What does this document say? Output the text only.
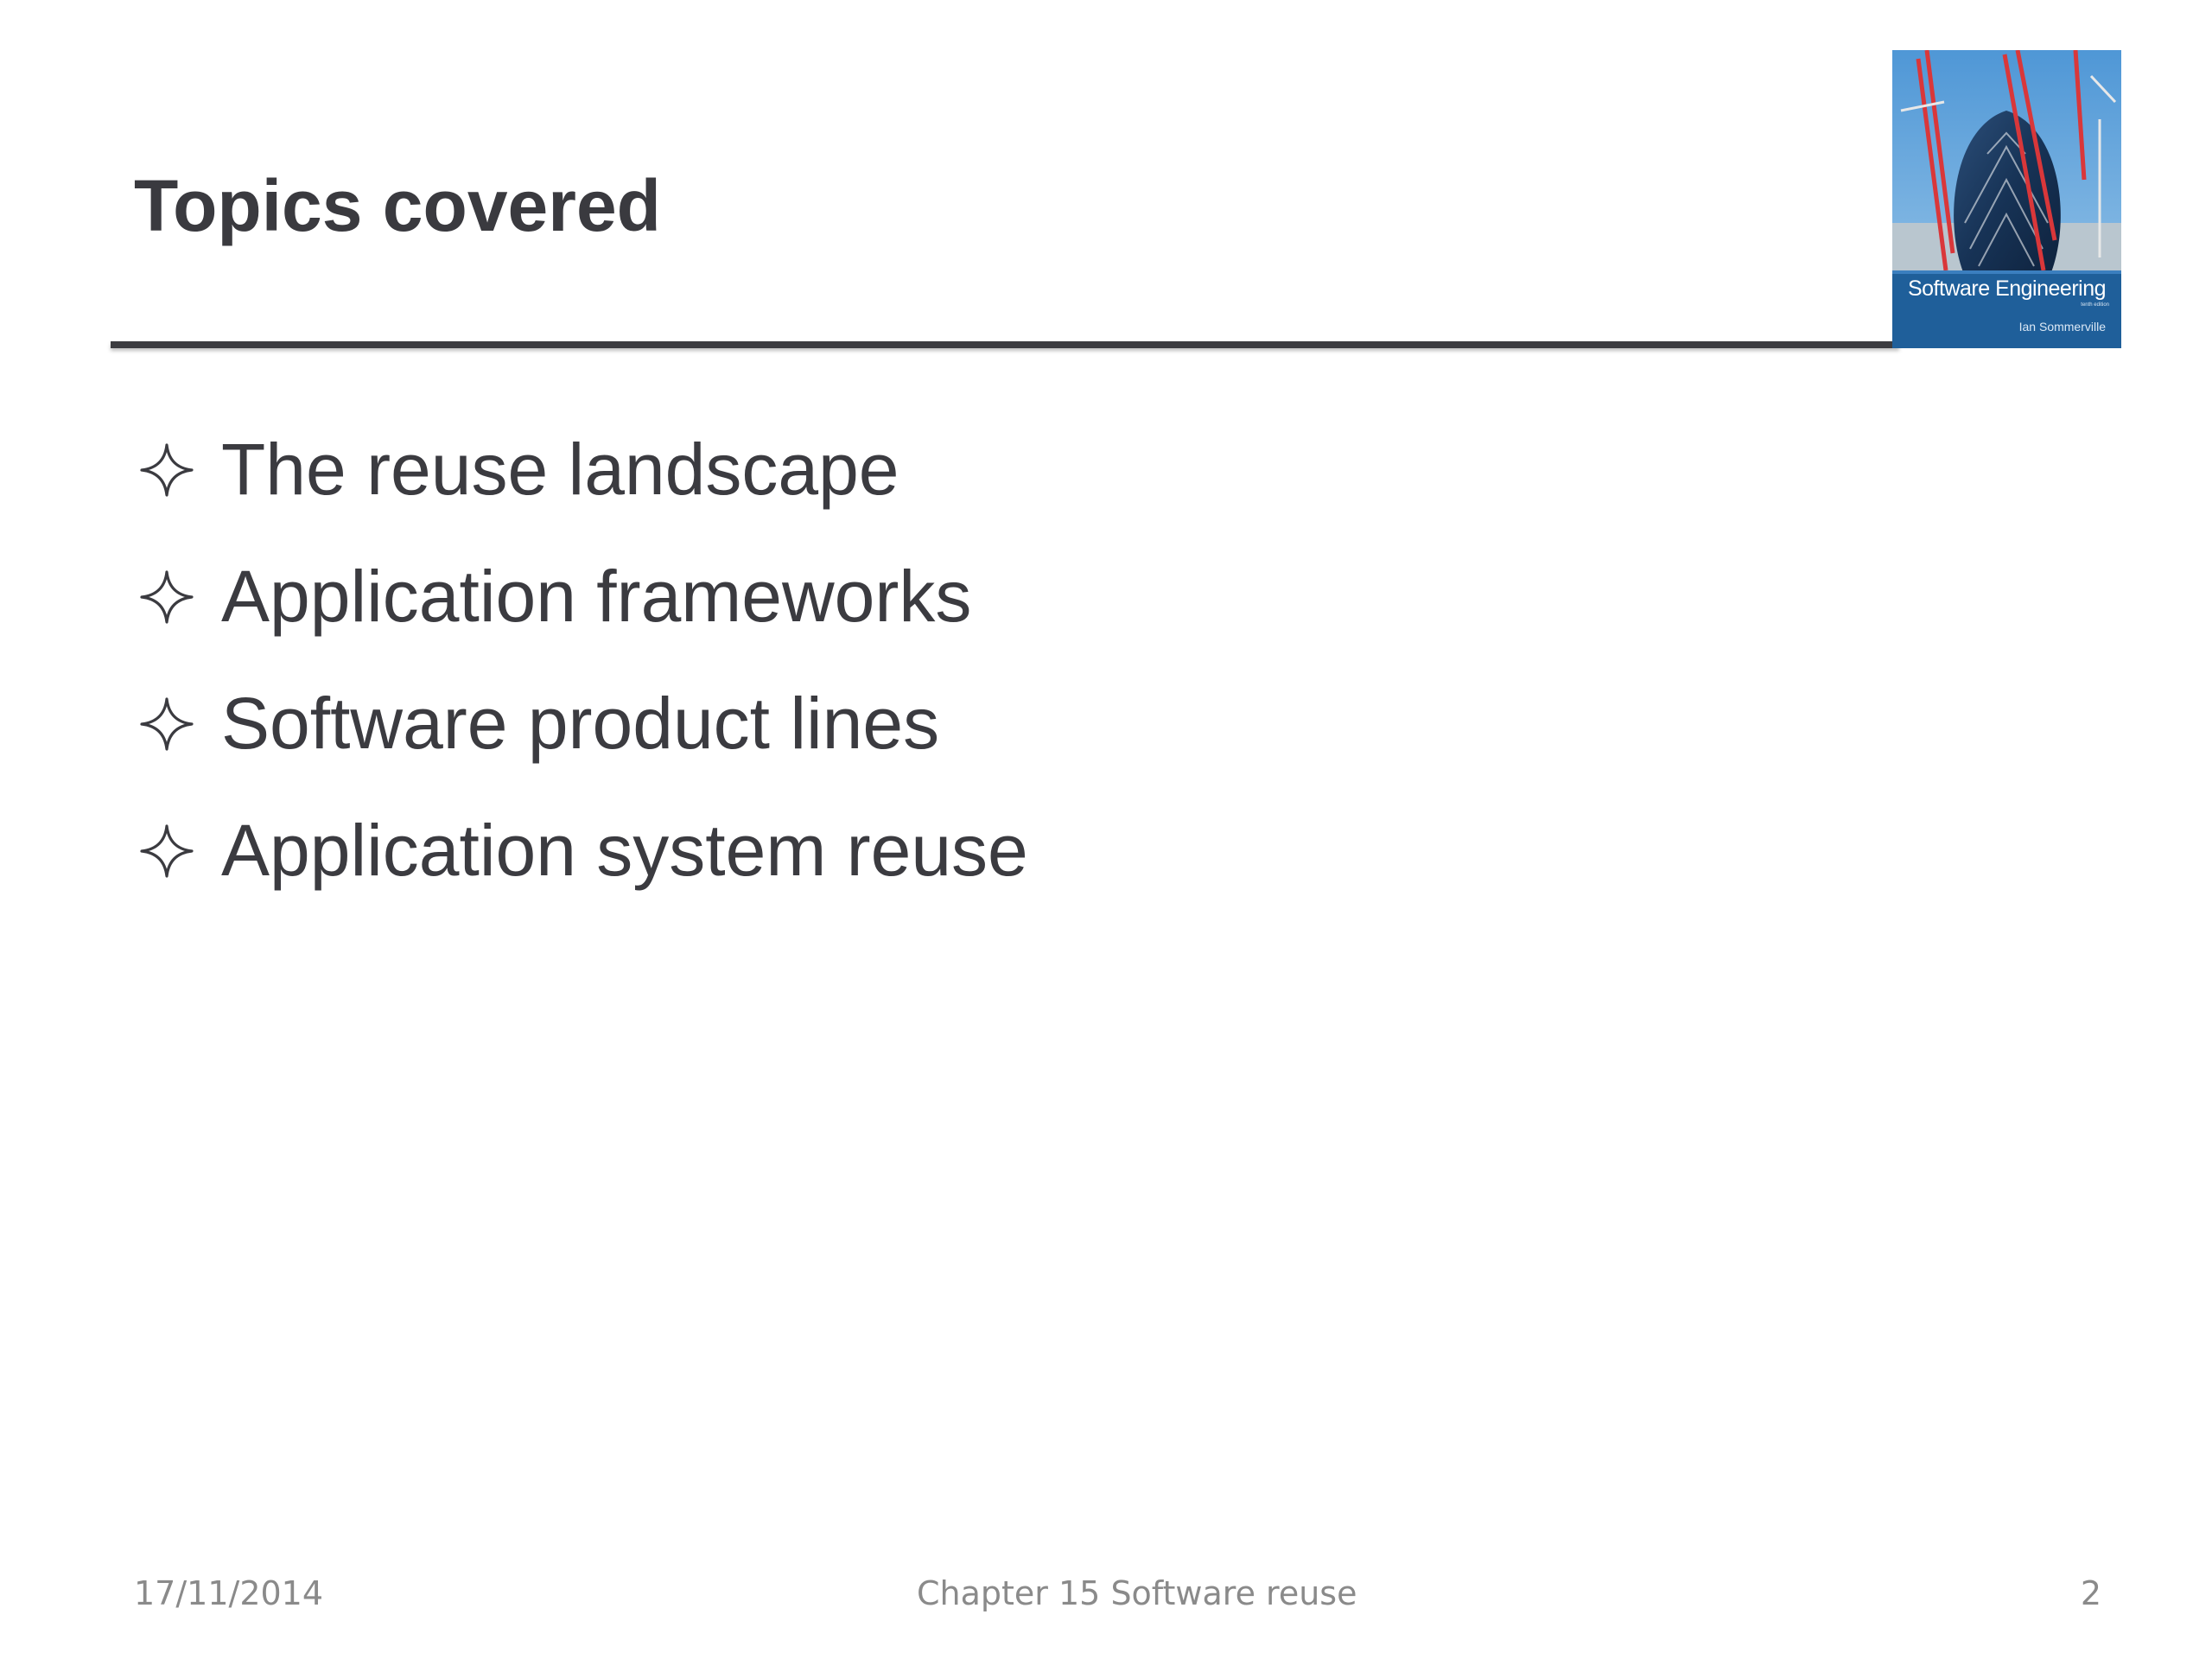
Topics covered
Software Engineering
tenth edition
Ian Sommerville
The reuse landscape
Application frameworks
Software product lines
Application system reuse
17/11/2014	Chapter 15 Software reuse	2
